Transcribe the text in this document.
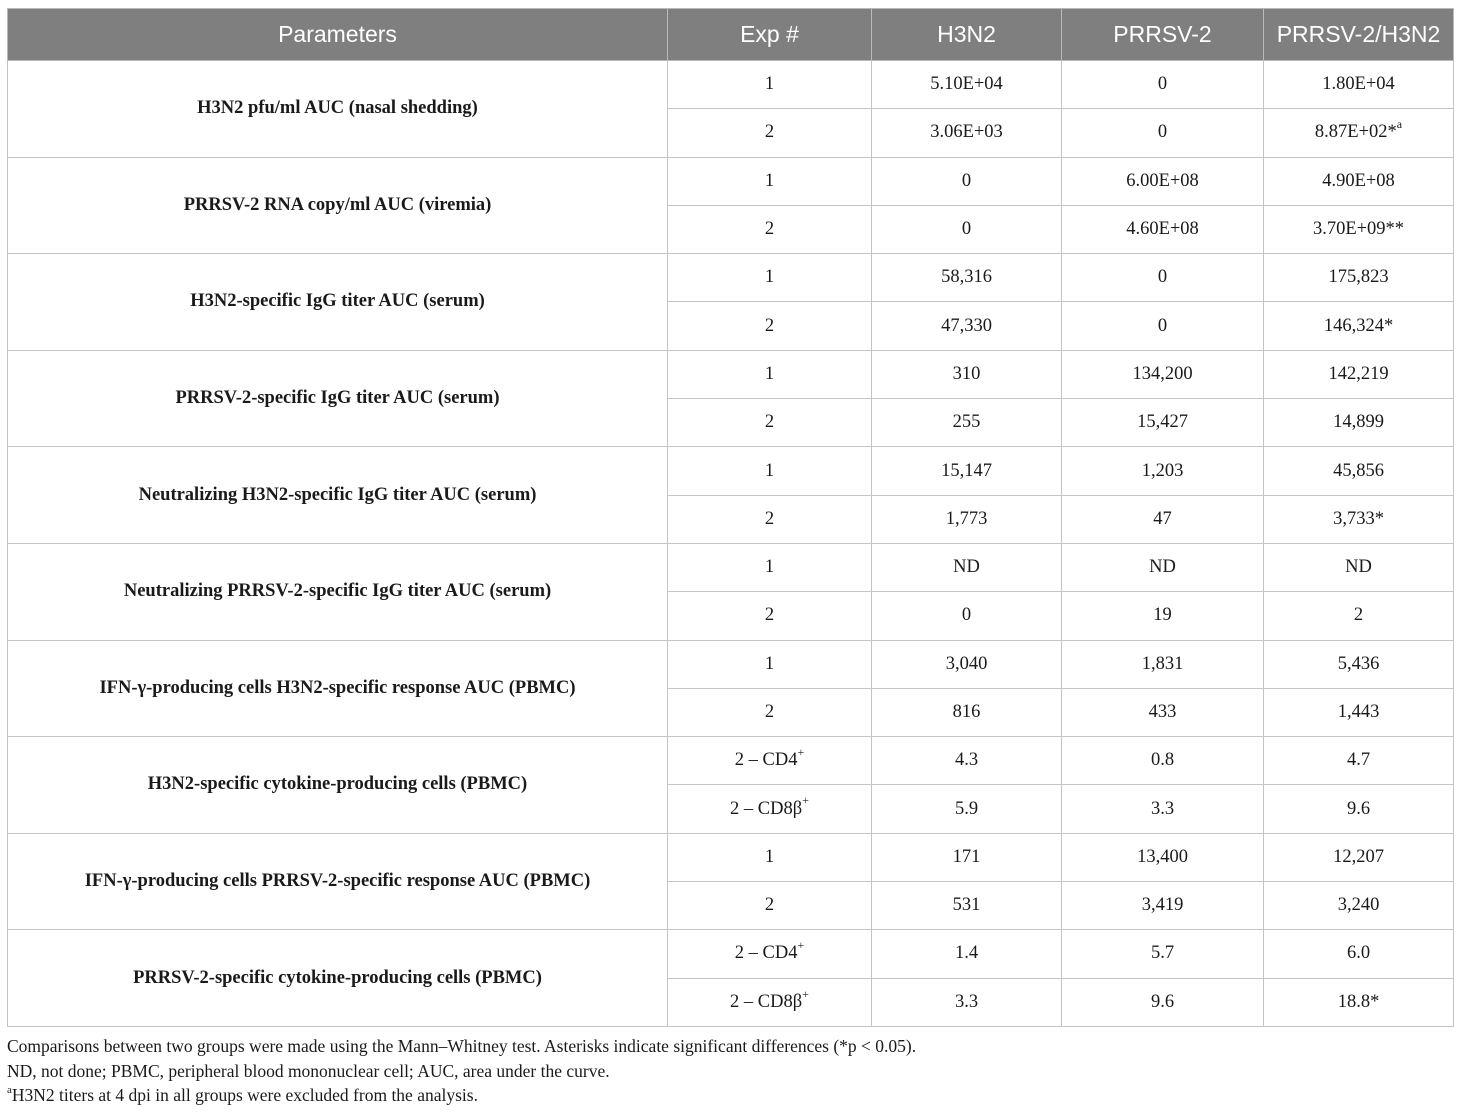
Parameters	Exp #	H3N2	PRRSV-2	PRRSV-2/H3N2
H3N2 pfu/ml AUC (nasal shedding)	1	5.10E+04	0	1.80E+04
	2	3.06E+03	0	8.87E+02*$^a$
PRRSV-2 RNA copy/ml AUC (viremia)	1	0	6.00E+08	4.90E+08
	2	0	4.60E+08	3.70E+09**
H3N2-specific IgG titer AUC (serum)	1	58,316	0	175,823
	2	47,330	0	146,324*
PRRSV-2-specific IgG titer AUC (serum)	1	310	134,200	142,219
	2	255	15,427	14,899
Neutralizing H3N2-specific IgG titer AUC (serum)	1	15,147	1,203	45,856
	2	1,773	47	3,733*
Neutralizing PRRSV-2-specific IgG titer AUC (serum)	1	ND	ND	ND
	2	0	19	2
IFN-γ-producing cells H3N2-specific response AUC (PBMC)	1	3,040	1,831	5,436
	2	816	433	1,443
H3N2-specific cytokine-producing cells (PBMC)	2 – CD4+	4.3	0.8	4.7
	2 – CD8β+	5.9	3.3	9.6
IFN-γ-producing cells PRRSV-2-specific response AUC (PBMC)	1	171	13,400	12,207
	2	531	3,419	3,240
PRRSV-2-specific cytokine-producing cells (PBMC)	2 – CD4+	1.4	5.7	6.0
	2 – CD8β+	3.3	9.6	18.8*
Comparisons between two groups were made using the Mann–Whitney test. Asterisks indicate significant differences (*p < 0.05).
ND, not done; PBMC, peripheral blood mononuclear cell; AUC, area under the curve.
$^a$H3N2 titers at 4 dpi in all groups were excluded from the analysis.
